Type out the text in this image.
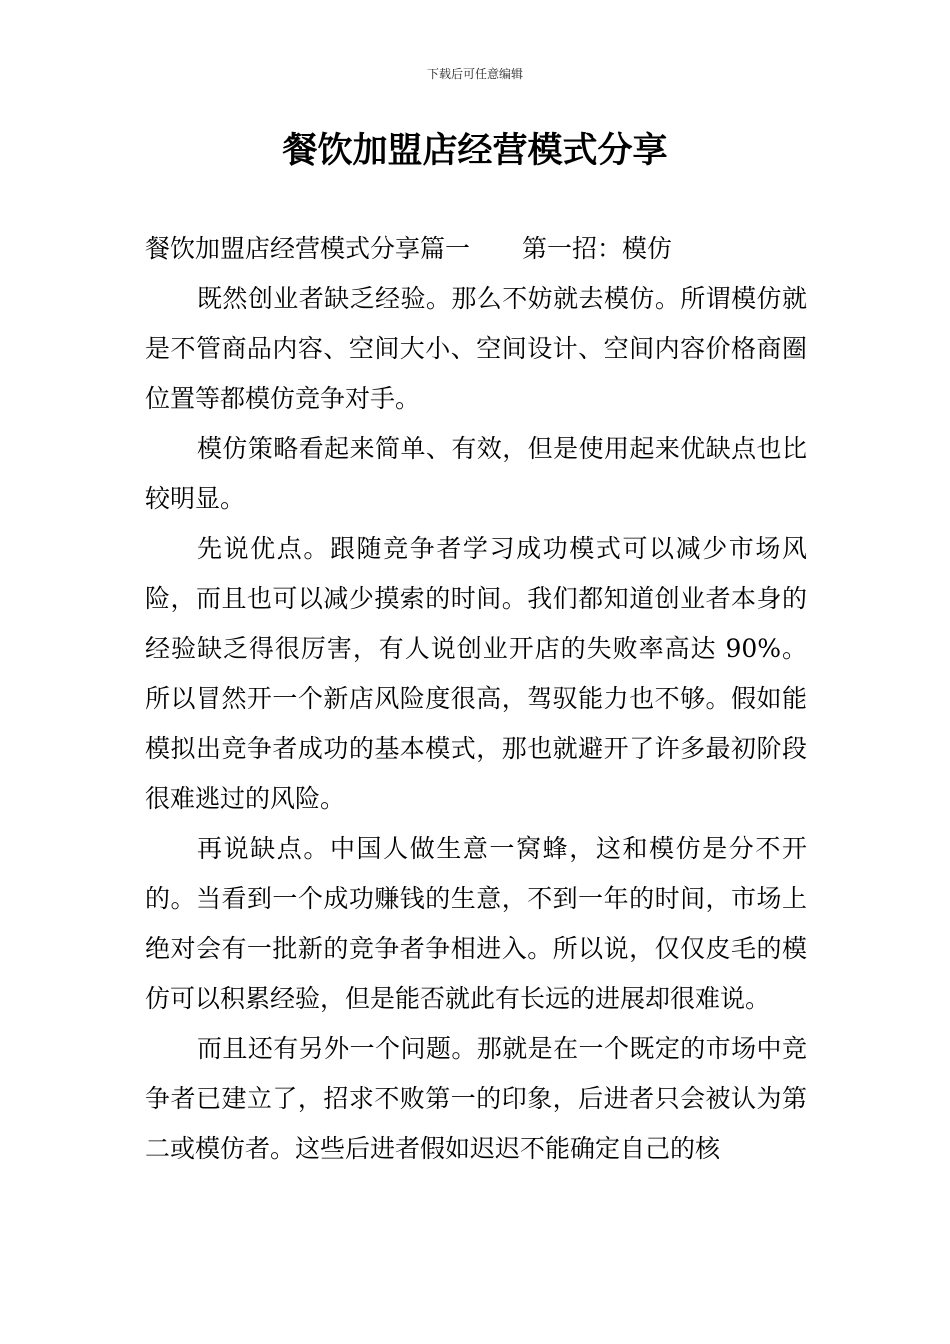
下载后可任意编辑
餐饮加盟店经营模式分享
餐饮加盟店经营模式分享篇一 第一招：模仿

既然创业者缺乏经验。那么不妨就去模仿。所谓模仿就是不管商品内容、空间大小、空间设计、空间内容价格商圈位置等都模仿竞争对手。

模仿策略看起来简单、有效，但是使用起来优缺点也比较明显。

先说优点。跟随竞争者学习成功模式可以减少市场风险，而且也可以减少摸索的时间。我们都知道创业者本身的经验缺乏得很厉害，有人说创业开店的失败率高达 90%。所以冒然开一个新店风险度很高，驾驭能力也不够。假如能模拟出竞争者成功的基本模式，那也就避开了许多最初阶段很难逃过的风险。

再说缺点。中国人做生意一窝蜂，这和模仿是分不开的。当看到一个成功赚钱的生意，不到一年的时间，市场上绝对会有一批新的竞争者争相进入。所以说，仅仅皮毛的模仿可以积累经验，但是能否就此有长远的进展却很难说。

而且还有另外一个问题。那就是在一个既定的市场中竞争者已建立了，招求不败第一的印象，后进者只会被认为第二或模仿者。这些后进者假如迟迟不能确定自己的核
